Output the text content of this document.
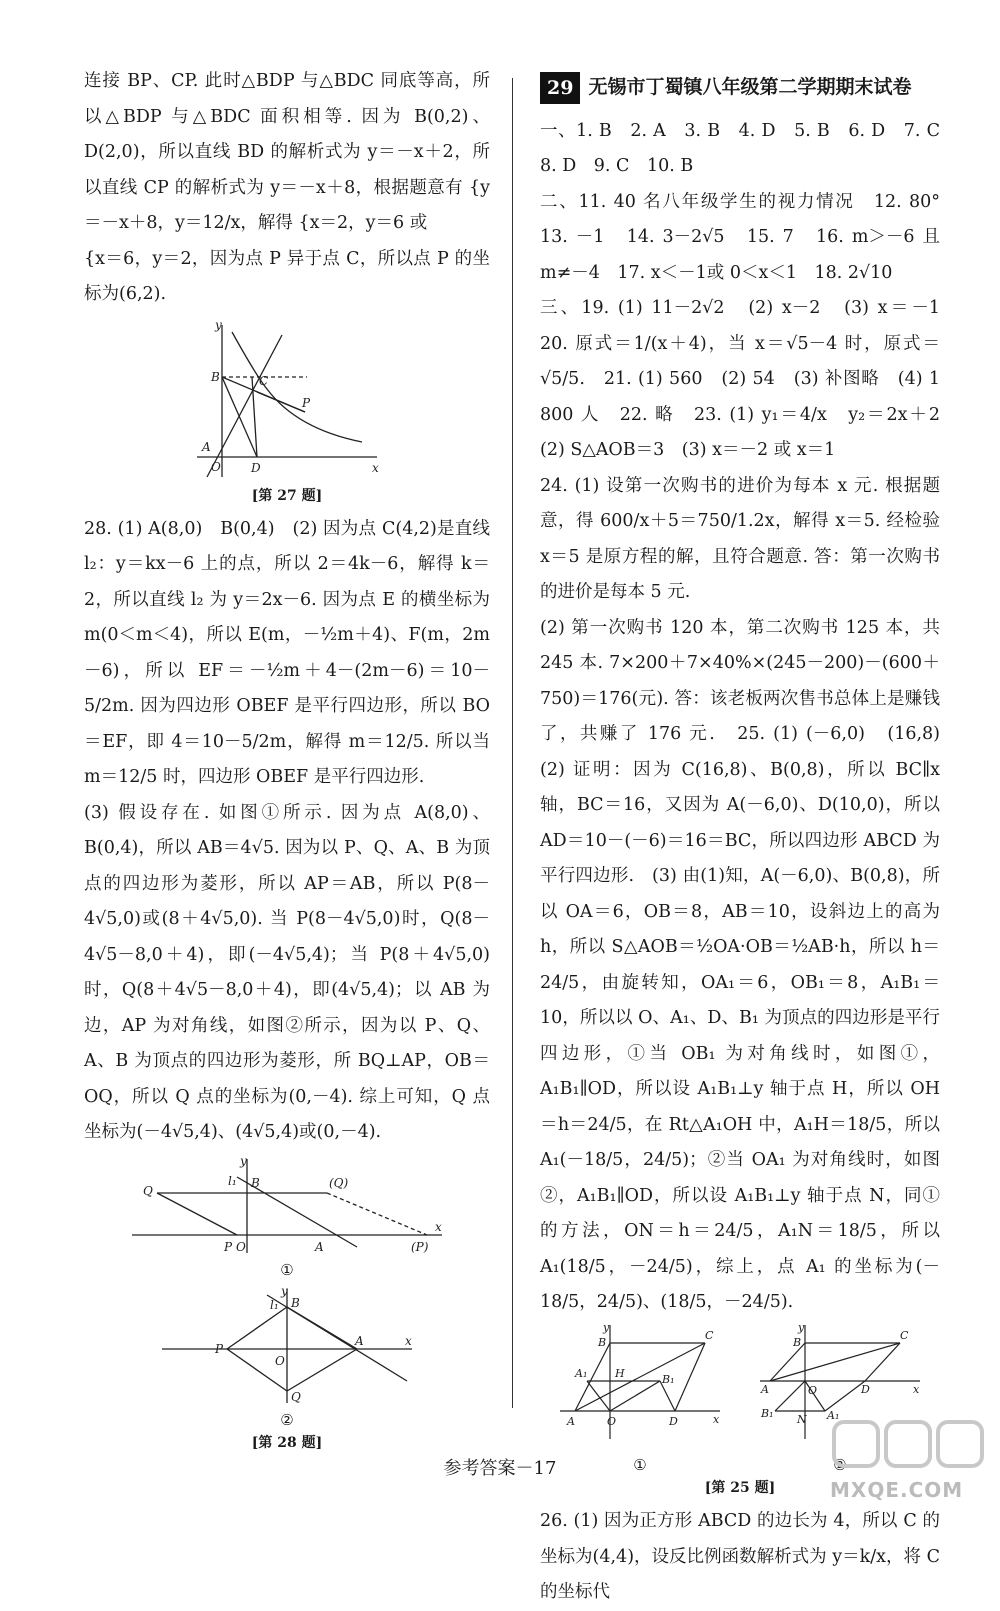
连接 BP、CP. 此时△BDP 与△BDC 同底等高，所以△BDP 与△BDC 面积相等. 因为 B(0,2)、D(2,0)，所以直线 BD 的解析式为 y＝－x＋2，所以直线 CP 的解析式为 y＝－x＋8，根据题意有 {y＝－x＋8，y＝12/x，解得 {x＝2，y＝6 或

{x＝6，y＝2，因为点 P 异于点 C，所以点 P 的坐标为(6,2).

y
x
C
B
P
O
A
D
[第 27 题]

28. (1) A(8,0)　B(0,4)　(2) 因为点 C(4,2)是直线 l₂：y＝kx－6 上的点，所以 2＝4k－6，解得 k＝2，所以直线 l₂ 为 y＝2x－6. 因为点 E 的横坐标为 m(0＜m＜4)，所以 E(m，－½m＋4)、F(m，2m－6)，所以 EF＝－½m＋4－(2m－6)＝10－5/2m. 因为四边形 OBEF 是平行四边形，所以 BO＝EF，即 4＝10－5/2m，解得 m＝12/5. 所以当 m＝12/5 时，四边形 OBEF 是平行四边形.

(3) 假设存在. 如图①所示. 因为点 A(8,0)、B(0,4)，所以 AB＝4√5. 因为以 P、Q、A、B 为顶点的四边形为菱形，所以 AP＝AB，所以 P(8－4√5,0)或(8＋4√5,0). 当 P(8－4√5,0)时，Q(8－4√5－8,0＋4)，即(－4√5,4)；当 P(8＋4√5,0)时，Q(8＋4√5－8,0＋4)，即(4√5,4)；以 AB 为边，AP 为对角线，如图②所示，因为以 P、Q、A、B 为顶点的四边形为菱形，所 BQ⊥AP，OB＝OQ，所以 Q 点的坐标为(0,－4). 综上可知，Q 点坐标为(－4√5,4)、(4√5,4)或(0,－4).

y
x
Q
l₁ B	(Q)
P O	A	(P)
①
y
x
l₁ B
P
O
A
Q
②
[第 28 题]
29 无锡市丁蜀镇八年级第二学期期末试卷

一、1. B　2. A　3. B　4. D　5. B　6. D　7. C　8. D　9. C　10. B

二、11. 40 名八年级学生的视力情况　12. 80°　13. －1　14. 3－2√5　15. 7　16. m＞－6 且 m≠－4　17. x＜－1或 0＜x＜1　18. 2√10

三、19. (1) 11－2√2　(2) x－2　(3) x＝－1　20. 原式＝1/(x＋4)，当 x＝√5－4 时，原式＝√5/5.　21. (1) 560　(2) 54　(3) 补图略　(4) 1 800 人　22. 略　23. (1) y₁＝4/x　y₂＝2x＋2　(2) S△AOB＝3　(3) x＝－2 或 x＝1

24. (1) 设第一次购书的进价为每本 x 元. 根据题意，得 600/x＋5＝750/1.2x，解得 x＝5. 经检验 x＝5 是原方程的解，且符合题意. 答：第一次购书的进价是每本 5 元.

(2) 第一次购书 120 本，第二次购书 125 本，共 245 本. 7×200＋7×40%×(245－200)－(600＋750)＝176(元). 答：该老板两次售书总体上是赚钱了，共赚了 176 元.　25. (1) (－6,0)　(16,8)　(2) 证明：因为 C(16,8)、B(0,8)，所以 BC∥x 轴，BC＝16，又因为 A(－6,0)、D(10,0)，所以 AD＝10－(－6)＝16＝BC，所以四边形 ABCD 为平行四边形.　(3) 由(1)知，A(－6,0)、B(0,8)，所以 OA＝6，OB＝8，AB＝10，设斜边上的高为 h，所以 S△AOB＝½OA·OB＝½AB·h，所以 h＝24/5，由旋转知，OA₁＝6，OB₁＝8，A₁B₁＝10，所以以 O、A₁、D、B₁ 为顶点的四边形是平行四边形，①当 OB₁ 为对角线时，如图①，A₁B₁∥OD，所以设 A₁B₁⊥y 轴于点 H，所以 OH＝h＝24/5，在 Rt△A₁OH 中，A₁H＝18/5，所以 A₁(－18/5，24/5)；②当 OA₁ 为对角线时，如图②，A₁B₁∥OD，所以设 A₁B₁⊥y 轴于点 N，同①的方法，ON＝h＝24/5，A₁N＝18/5，所以 A₁(18/5，－24/5)，综上，点 A₁ 的坐标为(－18/5，24/5)、(18/5，－24/5).

y
x
B
C
A₁	H	B₁
A	O	D
①
y
x
B
C
A	O	D
B₁ N A₁
②
[第 25 题]

26. (1) 因为正方形 ABCD 的边长为 4，所以 C 的坐标为(4,4)，设反比例函数解析式为 y＝k/x，将 C 的坐标代

参考答案－17
MXQE.COM
